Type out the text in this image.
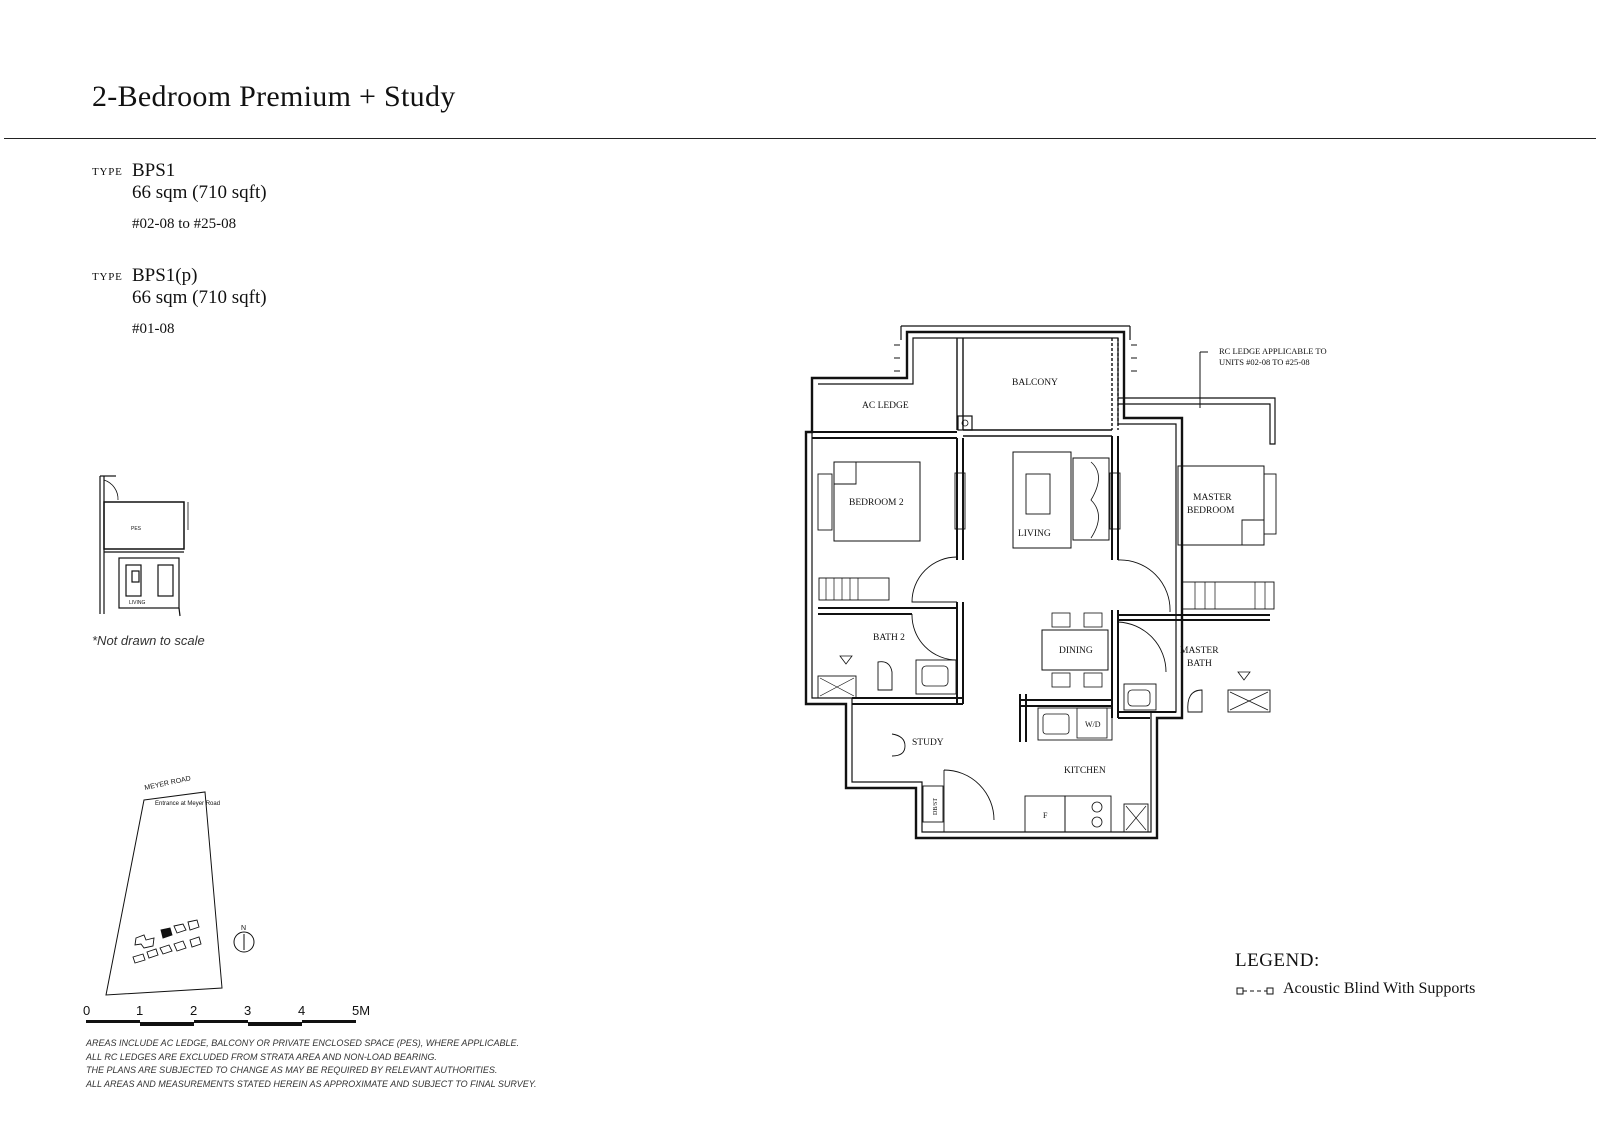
2-Bedroom Premium + Study
TYPE BPS1
66 sqm (710 sqft)
#02-08 to #25-08
TYPE BPS1(p)
66 sqm (710 sqft)
#01-08
*Not drawn to scale
PES
LIVING
MEYER ROAD
Entrance at Meyer Road
N
BALCONY
AC LEDGE
BEDROOM 2
LIVING
MASTER
BEDROOM
BATH 2
DINING	MASTER
BATH
STUDY
KITCHEN
W/D
F
DB/ST
RC LEDGE APPLICABLE TO
UNITS #02-08 TO #25-08
0	1	2	3	4	5M
AREAS INCLUDE AC LEDGE, BALCONY OR PRIVATE ENCLOSED SPACE (PES), WHERE APPLICABLE.
ALL RC LEDGES ARE EXCLUDED FROM STRATA AREA AND NON-LOAD BEARING.
THE PLANS ARE SUBJECTED TO CHANGE AS MAY BE REQUIRED BY RELEVANT AUTHORITIES.
ALL AREAS AND MEASUREMENTS STATED HEREIN AS APPROXIMATE AND SUBJECT TO FINAL SURVEY.
LEGEND:
Acoustic Blind With Supports
